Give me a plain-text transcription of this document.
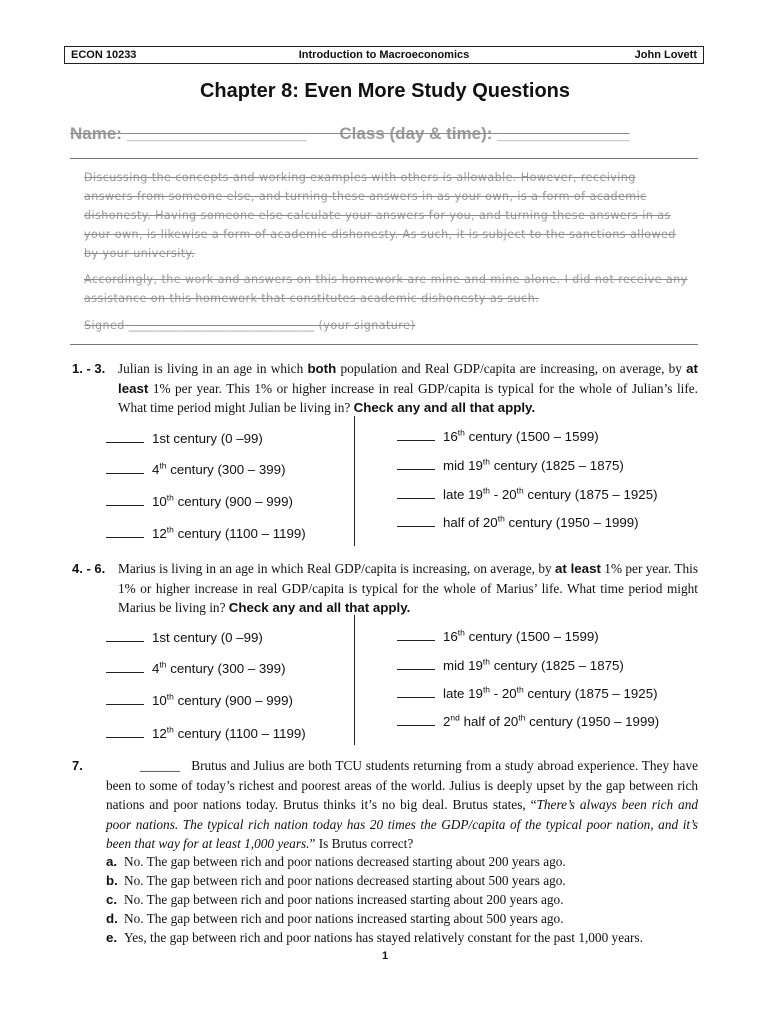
ECON 10233	Introduction to Macroeconomics	John Lovett
Chapter 8: Even More Study Questions
Name: ___________________ Class (day & time): ______________
Discussing the concepts and working examples with others is allowable. However, receiving answers from someone else, and turning these answers in as your own, is a form of academic dishonesty. Having someone else calculate your answers for you, and turning these answers in as your own, is likewise a form of academic dishonesty. As such, it is subject to the sanctions allowed by your university.
Accordingly, the work and answers on this homework are mine and mine alone. I did not receive any assistance on this homework that constitutes academic dishonesty as such.
Signed _______________________________ (your signature)
1. - 3. Julian is living in an age in which both population and Real GDP/capita are increasing, on average, by at least 1% per year. This 1% or higher increase in real GDP/capita is typical for the whole of Julian’s life. What time period might Julian be living in? Check any and all that apply.
4. - 6. Marius is living in an age in which Real GDP/capita is increasing, on average, by at least 1% per year. This 1% or higher increase in real GDP/capita is typical for the whole of Marius’ life. What time period might Marius be living in? Check any and all that apply.
7.	______ Brutus and Julius are both TCU students returning from a study abroad experience. They have been to some of today’s richest and poorest areas of the world. Julius is deeply upset by the gap between rich nations and poor nations today. Brutus thinks it’s no big deal. Brutus states, “There’s always been rich and poor nations. The typical rich nation today has 20 times the GDP/capita of the typical poor nation, and it’s been that way for at least 1,000 years.” Is Brutus correct?
a. No. The gap between rich and poor nations decreased starting about 200 years ago.
b. No. The gap between rich and poor nations decreased starting about 500 years ago.
c. No. The gap between rich and poor nations increased starting about 200 years ago.
d. No. The gap between rich and poor nations increased starting about 500 years ago.
e. Yes, the gap between rich and poor nations has stayed relatively constant for the past 1,000 years.
1
1st century (0 –99)
4th century (300 – 399)
10th century (900 – 999)
12th century (1100 – 1199)
16th century (1500 – 1599)
mid 19th century (1825 – 1875)
late 19th - 20th century (1875 – 1925)
half of 20th century (1950 – 1999)
1st century (0 –99)
4th century (300 – 399)
10th century (900 – 999)
12th century (1100 – 1199)
16th century (1500 – 1599)
mid 19th century (1825 – 1875)
late 19th - 20th century (1875 – 1925)
2nd half of 20th century (1950 – 1999)
